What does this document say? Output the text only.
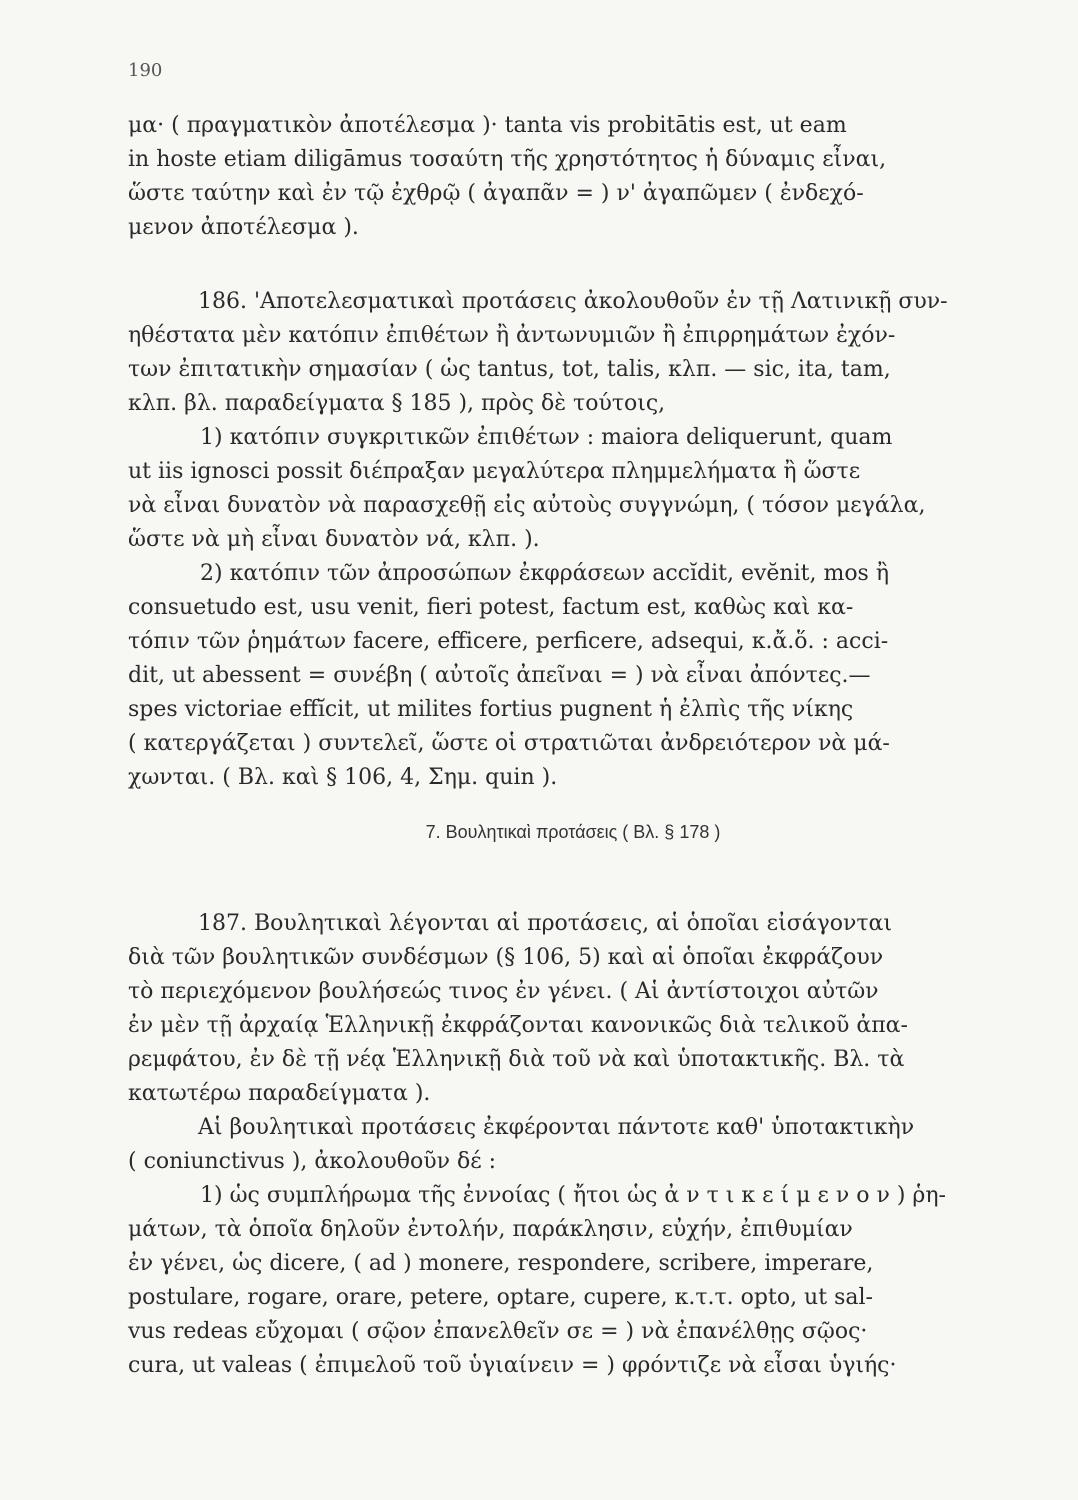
190
μα· ( πραγματικὸν ἀποτέλεσμα )· tanta vis probitātis est, ut eam
in hoste etiam diligāmus τοσαύτη τῆς χρηστότητος ἡ δύναμις εἶναι,
ὥστε ταύτην καὶ ἐν τῷ ἐχθρῷ ( ἀγαπᾶν = ) ν' ἀγαπῶμεν ( ἐνδεχό-
μενον ἀποτέλεσμα ).
186. 'Αποτελεσματικαὶ προτάσεις ἀκολουθοῦν ἐν τῇ Λατινικῇ συν-
ηθέστατα μὲν κατόπιν ἐπιθέτων ἢ ἀντωνυμιῶν ἢ ἐπιρρημάτων ἐχόν-
των ἐπιτατικὴν σημασίαν ( ὡς tantus, tot, talis, κλπ. — sic, ita, tam,
κλπ. βλ. παραδείγματα § 185 ), πρὸς δὲ τούτοις,
1) κατόπιν συγκριτικῶν ἐπιθέτων : maiora deliquerunt, quam
ut iis ignosci possit διέπραξαν μεγαλύτερα πλημμελήματα ἢ ὥστε
νὰ εἶναι δυνατὸν νὰ παρασχεθῇ εἰς αὐτοὺς συγγνώμη, ( τόσον μεγάλα,
ὥστε νὰ μὴ εἶναι δυνατὸν νά, κλπ. ).
2) κατόπιν τῶν ἀπροσώπων ἐκφράσεων accĭdit, evĕnit, mos ἢ
consuetudo est, usu venit, fieri potest, factum est, καθὼς καὶ κα-
τόπιν τῶν ῥημάτων facere, efficere, perficere, adsequi, κ.ἄ.ὅ. : acci-
dit, ut abessent = συνέβη ( αὐτοῖς ἀπεῖναι = ) νὰ εἶναι ἀπόντες.—
spes victoriae effĭcit, ut milites fortius pugnent ἡ ἐλπὶς τῆς νίκης
( κατεργάζεται ) συντελεῖ, ὥστε οἱ στρατιῶται ἀνδρειότερον νὰ μά-
χωνται. ( Βλ. καὶ § 106, 4, Σημ. quin ).
7. Βουλητικαὶ προτάσεις ( Βλ. § 178 )
187. Βουλητικαὶ λέγονται αἱ προτάσεις, αἱ ὁποῖαι εἰσάγονται
διὰ τῶν βουλητικῶν συνδέσμων (§ 106, 5) καὶ αἱ ὁποῖαι ἐκφράζουν
τὸ περιεχόμενον βουλήσεώς τινος ἐν γένει. ( Αἱ ἀντίστοιχοι αὐτῶν
ἐν μὲν τῇ ἀρχαίᾳ Ἑλληνικῇ ἐκφράζονται κανονικῶς διὰ τελικοῦ ἀπα-
ρεμφάτου, ἐν δὲ τῇ νέᾳ Ἑλληνικῇ διὰ τοῦ νὰ καὶ ὑποτακτικῆς. Βλ. τὰ
κατωτέρω παραδείγματα ).
Αἱ βουλητικαὶ προτάσεις ἐκφέρονται πάντοτε καθ' ὑποτακτικὴν
( coniunctivus ), ἀκολουθοῦν δέ :
1) ὡς συμπλήρωμα τῆς ἐννοίας ( ἤτοι ὡς ἀ ν τ ι κ ε ί μ ε ν ο ν ) ῥη-
μάτων, τὰ ὁποῖα δηλοῦν ἐντολήν, παράκλησιν, εὐχήν, ἐπιθυμίαν
ἐν γένει, ὡς dicere, ( ad ) monere, respondere, scribere, imperare,
postulare, rogare, orare, petere, optare, cupere, κ.τ.τ. opto, ut sal-
vus redeas εὔχομαι ( σῷον ἐπανελθεῖν σε = ) νὰ ἐπανέλθῃς σῷος·
cura, ut valeas ( ἐπιμελοῦ τοῦ ὑγιαίνειν = ) φρόντιζε νὰ εἶσαι ὑγιής·
